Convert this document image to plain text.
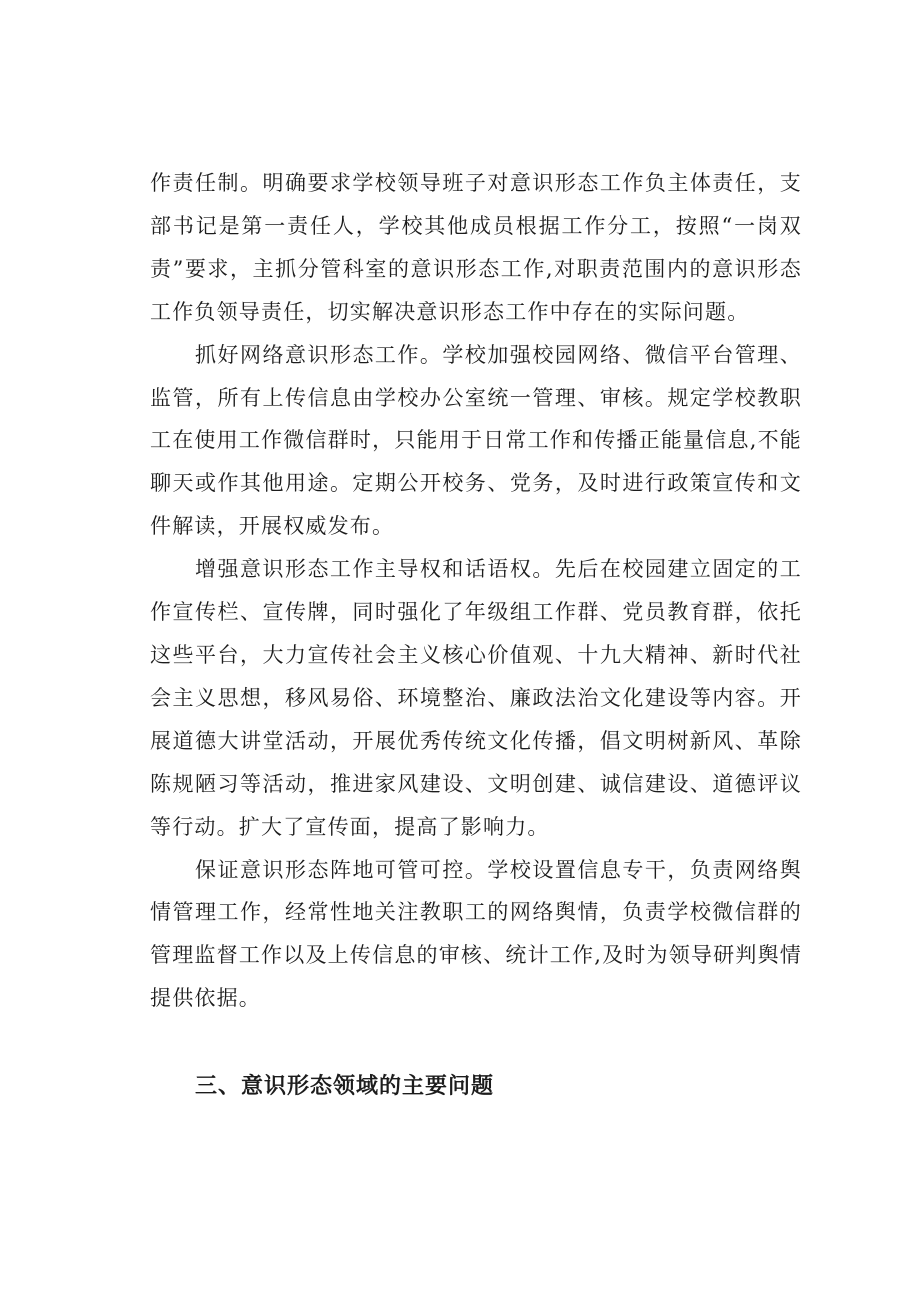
作责任制。明确要求学校领导班子对意识形态工作负主体责任，支部书记是第一责任人，学校其他成员根据工作分工，按照“一岗双责”要求，主抓分管科室的意识形态工作,对职责范围内的意识形态工作负领导责任，切实解决意识形态工作中存在的实际问题。

抓好网络意识形态工作。学校加强校园网络、微信平台管理、监管，所有上传信息由学校办公室统一管理、审核。规定学校教职工在使用工作微信群时，只能用于日常工作和传播正能量信息,不能聊天或作其他用途。定期公开校务、党务，及时进行政策宣传和文件解读，开展权威发布。

增强意识形态工作主导权和话语权。先后在校园建立固定的工作宣传栏、宣传牌，同时强化了年级组工作群、党员教育群，依托这些平台，大力宣传社会主义核心价值观、十九大精神、新时代社会主义思想，移风易俗、环境整治、廉政法治文化建设等内容。开展道德大讲堂活动，开展优秀传统文化传播，倡文明树新风、革除陈规陋习等活动，推进家风建设、文明创建、诚信建设、道德评议等行动。扩大了宣传面，提高了影响力。

保证意识形态阵地可管可控。学校设置信息专干，负责网络舆情管理工作，经常性地关注教职工的网络舆情，负责学校微信群的管理监督工作以及上传信息的审核、统计工作,及时为领导研判舆情提供依据。

三、意识形态领域的主要问题
